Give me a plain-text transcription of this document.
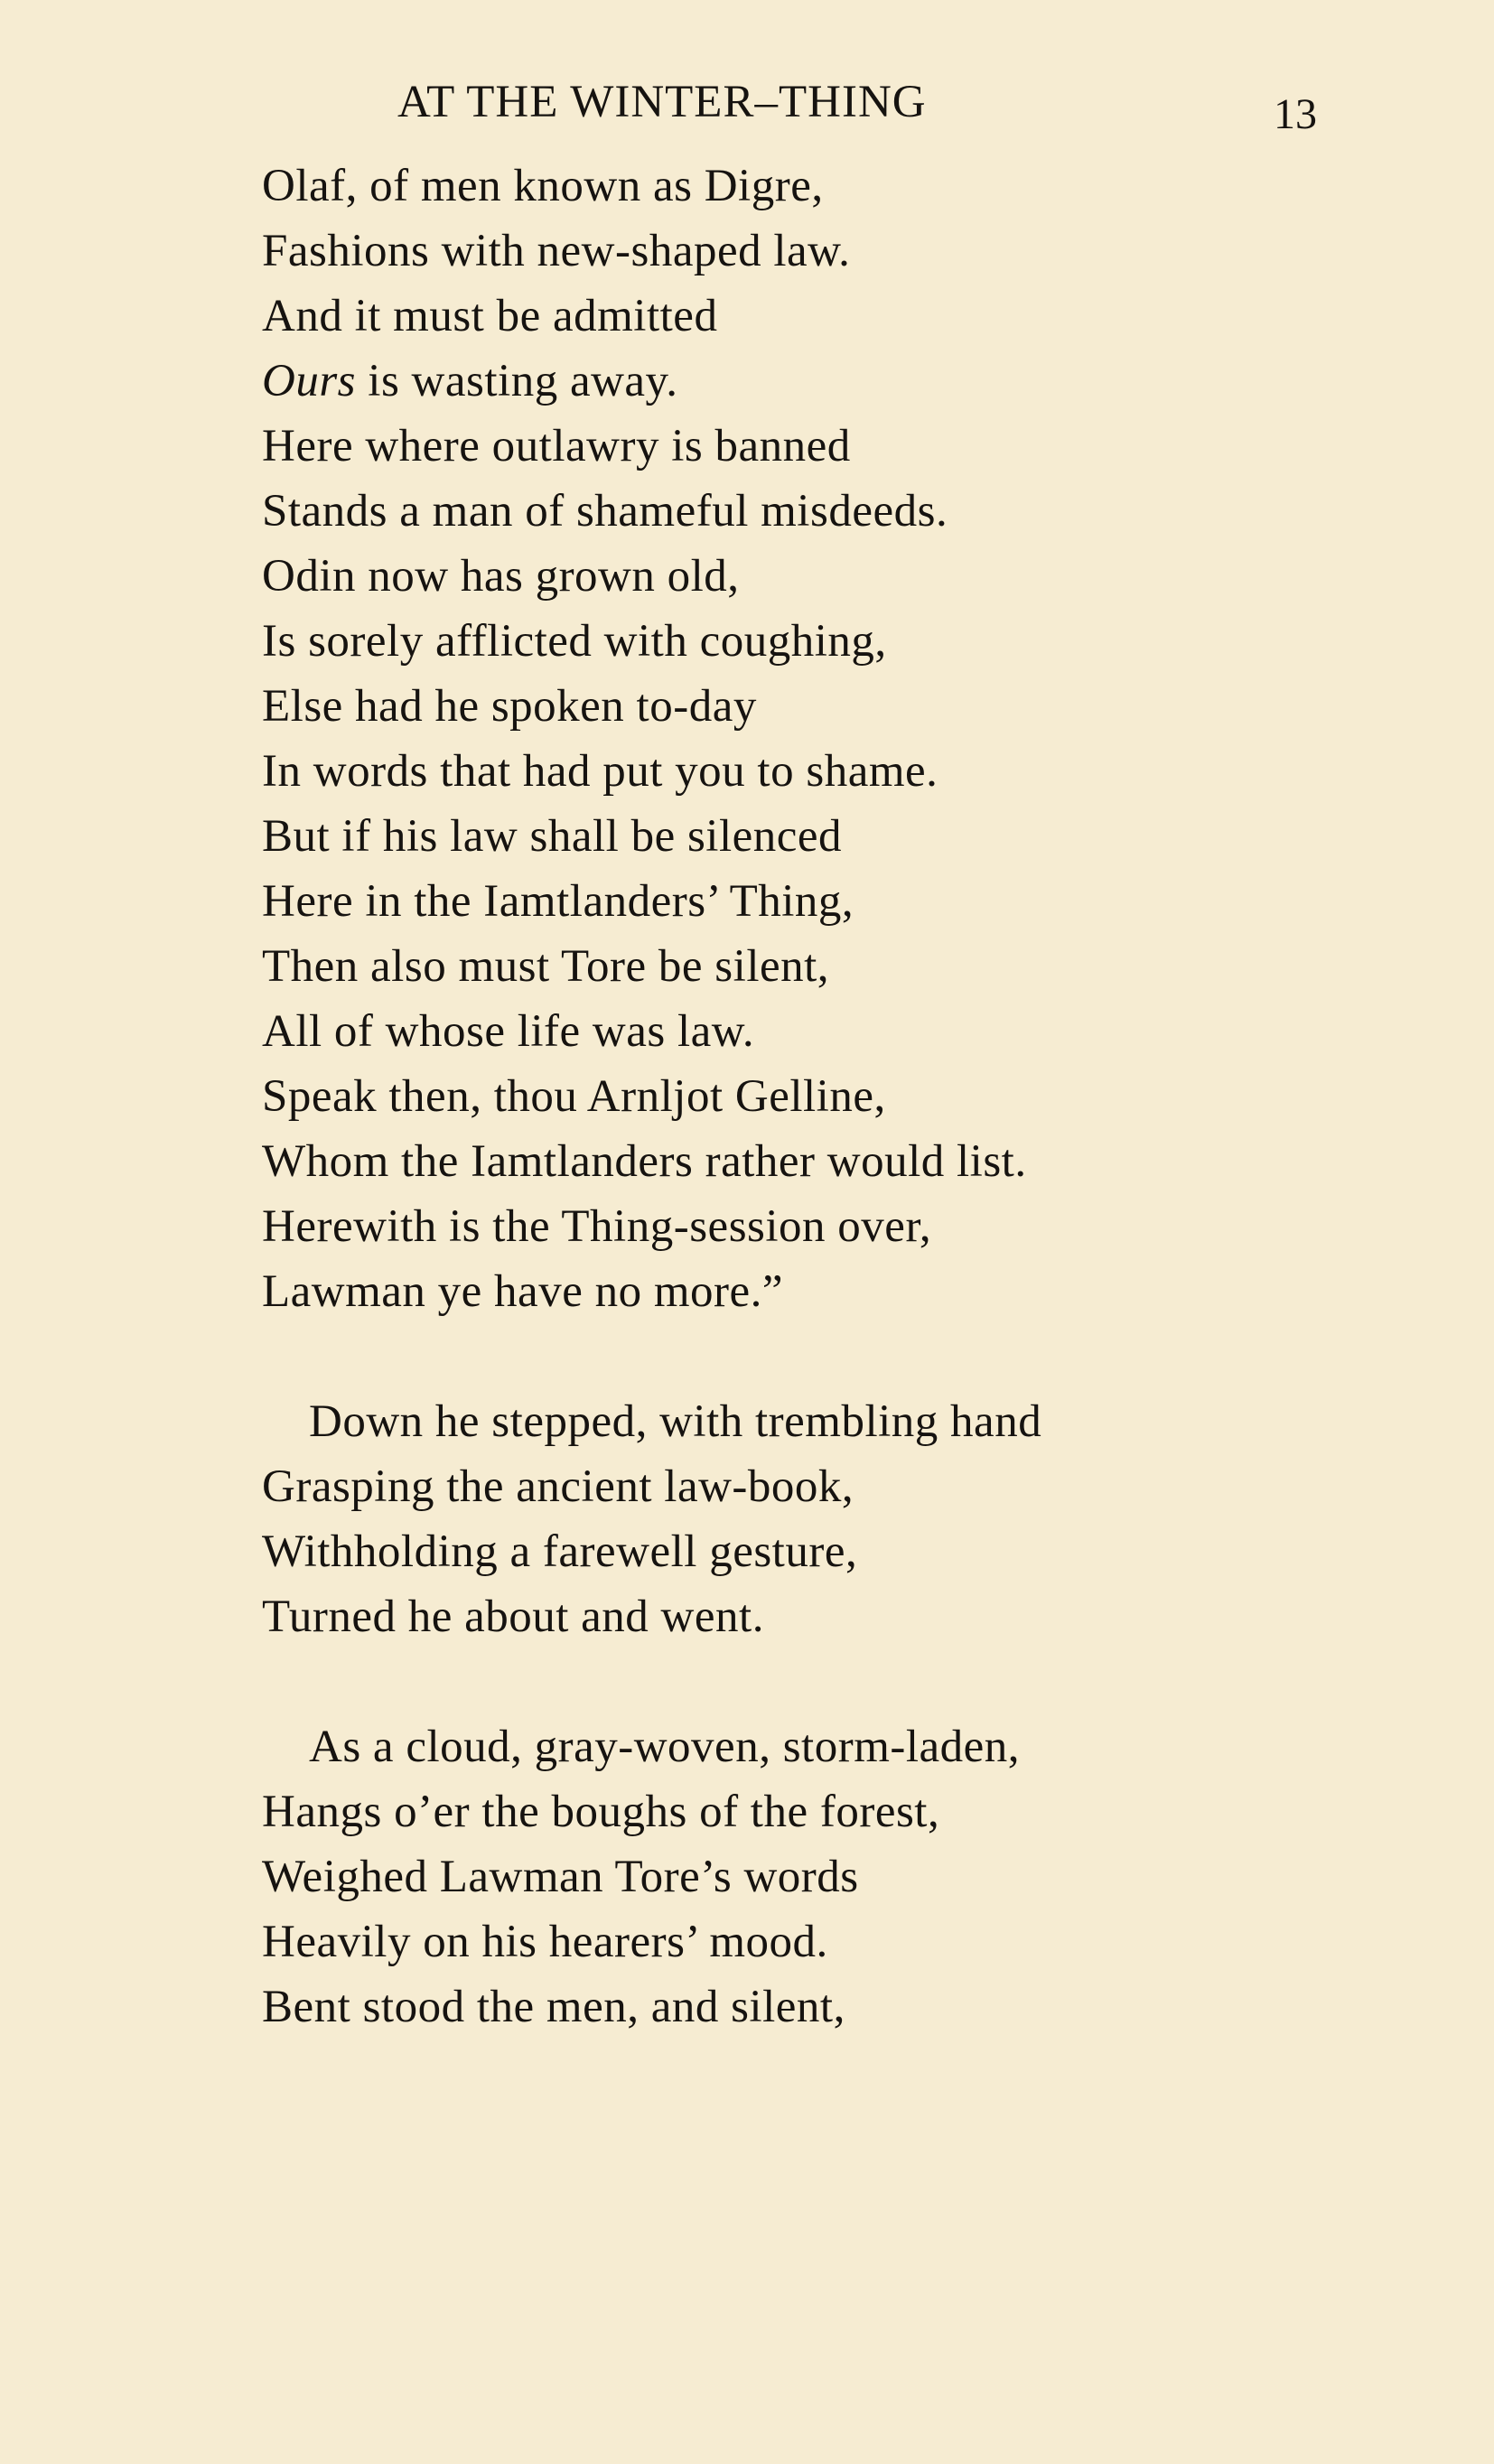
AT THE WINTER–THING	13
Olaf, of men known as Digre,
Fashions with new-shaped law.
And it must be admitted
Ours is wasting away.
Here where outlawry is banned
Stands a man of shameful misdeeds.
Odin now has grown old,
Is sorely afflicted with coughing,
Else had he spoken to-day
In words that had put you to shame.
But if his law shall be silenced
Here in the Iamtlanders’ Thing,
Then also must Tore be silent,
All of whose life was law.
Speak then, thou Arnljot Gelline,
Whom the Iamtlanders rather would list.
Herewith is the Thing-session over,
Lawman ye have no more.”
Down he stepped, with trembling hand
Grasping the ancient law-book,
Withholding a farewell gesture,
Turned he about and went.
As a cloud, gray-woven, storm-laden,
Hangs o’er the boughs of the forest,
Weighed Lawman Tore’s words
Heavily on his hearers’ mood.
Bent stood the men, and silent,
